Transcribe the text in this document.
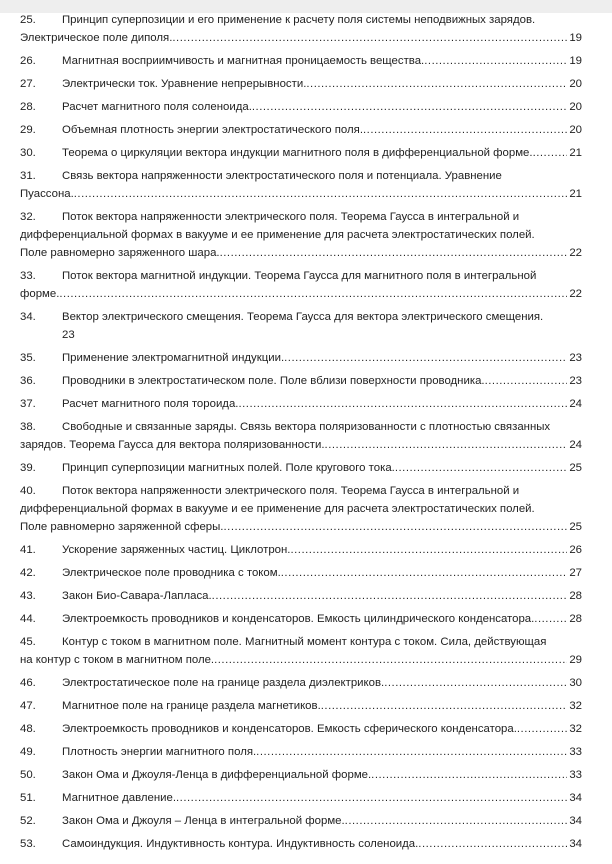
25.	Принцип суперпозиции и его применение к расчету поля системы неподвижных зарядов.
Электрическое поле диполя. .....	19
26.	Магнитная восприимчивость и магнитная проницаемость вещества. .....	19
27.	Электрически ток. Уравнение непрерывности. .....	20
28.	Расчет магнитного поля соленоида. .....	20
29.	Объемная плотность энергии электростатического поля. .....	20
30.	Теорема о циркуляции вектора индукции магнитного поля в дифференциальной форме. .....	21
31.	Связь вектора напряженности электростатического поля и потенциала. Уравнение
Пуассона. .....	21
32.	Поток вектора напряженности электрического поля. Теорема Гаусса в интегральной и
дифференциальной формах в вакууме и ее применение для расчета электростатических полей.
Поле равномерно заряженного шара. .....	22
33.	Поток вектора магнитной индукции. Теорема Гаусса для магнитного поля в интегральной
форме. .....	22
34.	Вектор электрического смещения. Теорема Гаусса для вектора электрического смещения.
23
35.	Применение электромагнитной индукции. .....	23
36.	Проводники в электростатическом поле. Поле вблизи поверхности проводника. .....	23
37.	Расчет магнитного поля тороида. .....	24
38.	Свободные и связанные заряды. Связь вектора поляризованности с плотностью связанных
зарядов. Теорема Гаусса для вектора поляризованности. .....	24
39.	Принцип суперпозиции магнитных полей. Поле кругового тока. .....	25
40.	Поток вектора напряженности электрического поля. Теорема Гаусса в интегральной и
дифференциальной формах в вакууме и ее применение для расчета электростатических полей.
Поле равномерно заряженной сферы. .....	25
41.	Ускорение заряженных частиц. Циклотрон. .....	26
42.	Электрическое поле проводника с током. .....	27
43.	Закон Био-Савара-Лапласа. .....	28
44.	Электроемкость проводников и конденсаторов. Емкость цилиндрического конденсатора. .....	28
45.	Контур с током в магнитном поле. Магнитный момент контура с током. Сила, действующая
на контур с током в магнитном поле. .....	29
46.	Электростатическое поле на границе раздела диэлектриков. .....	30
47.	Магнитное поле на границе раздела магнетиков. .....	32
48.	Электроемкость проводников и конденсаторов. Емкость сферического конденсатора. .....	32
49.	Плотность энергии магнитного поля. .....	33
50.	Закон Ома и Джоуля-Ленца в дифференциальной форме. .....	33
51.	Магнитное давление. .....	34
52.	Закон Ома и Джоуля – Ленца в интегральной форме. .....	34
53.	Самоиндукция. Индуктивность контура. Индуктивность соленоида. .....	34
